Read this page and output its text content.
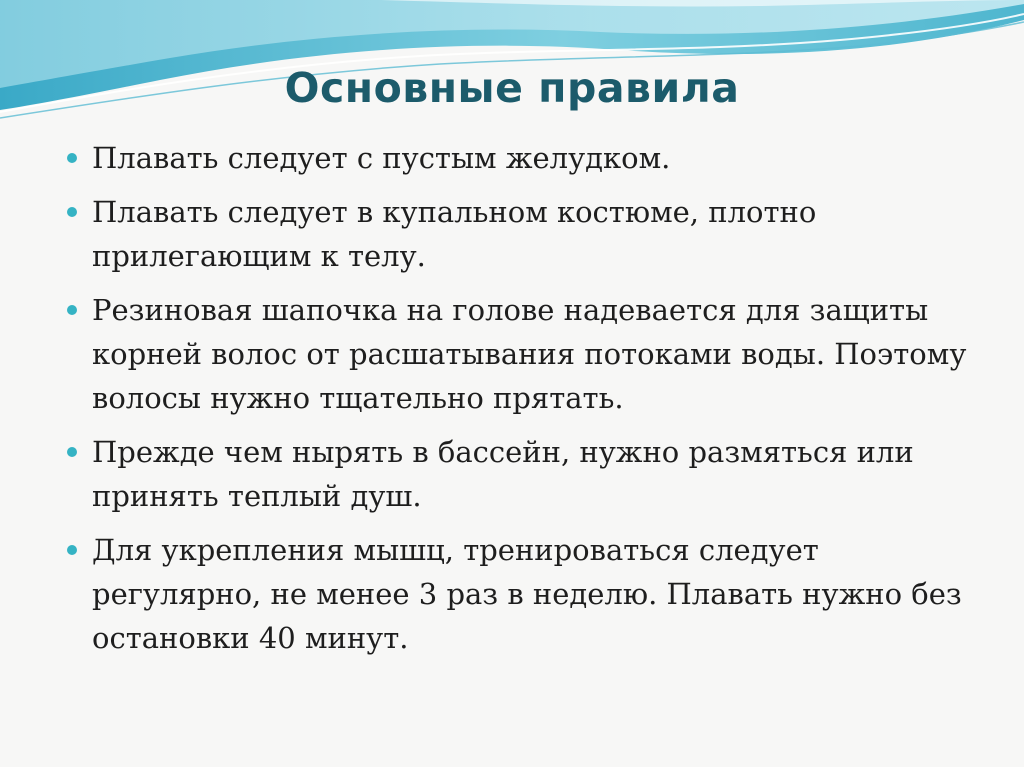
Основные правила
Плавать следует с пустым желудком.
Плавать следует в купальном костюме, плотно прилегающим к телу.
Резиновая шапочка на голове надевается для защиты корней волос от расшатывания потоками воды. Поэтому волосы нужно тщательно прятать.
Прежде чем нырять в бассейн, нужно размяться или принять теплый душ.
Для укрепления мышц, тренироваться следует регулярно, не менее 3 раз в неделю. Плавать нужно без остановки 40 минут.
